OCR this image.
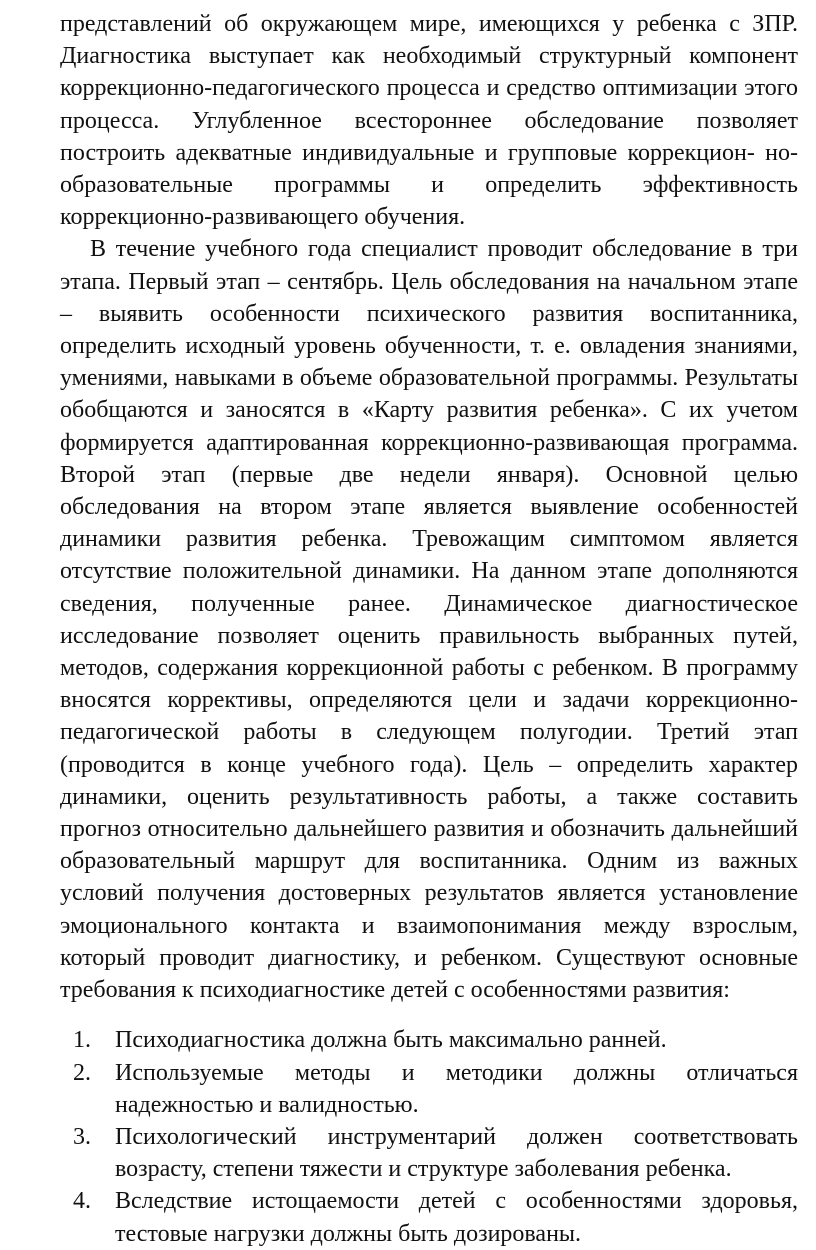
представлений об окружающем мире, имеющихся у ребенка с ЗПР. Диагностика выступает как необходимый структурный компонент коррекционно-педагогического процесса и средство оптимизации этого процесса. Углубленное всестороннее обследование позволяет построить адекватные индивидуальные и групповые коррекцион- но-образовательные программы и определить эффективность коррекционно-развивающего обучения.

В течение учебного года специалист проводит обследование в три этапа. Первый этап – сентябрь. Цель обследования на начальном этапе – выявить особенности психического развития воспитанника, определить исходный уровень обученности, т. е. овладения знаниями, умениями, навыками в объеме образовательной программы. Результаты обобщаются и заносятся в «Карту развития ребенка». С их учетом формируется адаптированная коррекционно-развивающая программа. Второй этап (первые две недели января). Основной целью обследования на втором этапе является выявление особенностей динамики развития ребенка. Тревожащим симптомом является отсутствие положительной динамики. На данном этапе дополняются сведения, полученные ранее. Динамическое диагностическое исследование позволяет оценить правильность выбранных путей, методов, содержания коррекционной работы с ребенком. В программу вносятся коррективы, определяются цели и задачи коррекционно-педагогической работы в следующем полугодии. Третий этап (проводится в конце учебного года). Цель – определить характер динамики, оценить результативность работы, а также составить прогноз относительно дальнейшего развития и обозначить дальнейший образовательный маршрут для воспитанника. Одним из важных условий получения достоверных результатов является установление эмоционального контакта и взаимопонимания между взрослым, который проводит диагностику, и ребенком. Существуют основные требования к психодиагностике детей с особенностями развития:

1. Психодиагностика должна быть максимально ранней.
2. Используемые методы и методики должны отличаться надежностью и валидностью.
3. Психологический инструментарий должен соответствовать возрасту, степени тяжести и структуре заболевания ребенка.
4. Вследствие истощаемости детей с особенностями здоровья, тестовые нагрузки должны быть дозированы.
